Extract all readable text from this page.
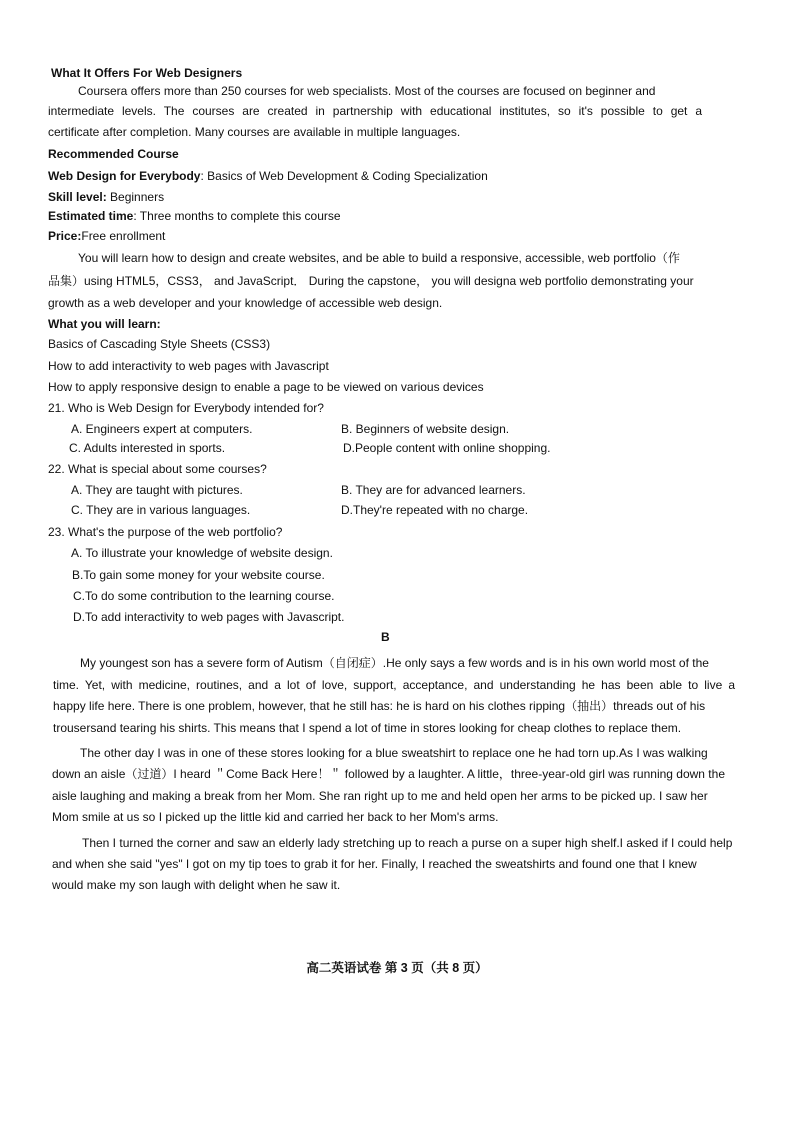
What It Offers For Web Designers
Coursera offers more than 250 courses for web specialists. Most of the courses are focused on beginner and
intermediate levels. The courses are created in partnership with educational institutes, so it's possible to get a
certificate after completion. Many courses are available in multiple languages.
Recommended Course
Web Design for Everybody: Basics of Web Development & Coding Specialization
Skill level: Beginners
Estimated time: Three months to complete this course
Price:Free enrollment
You will learn how to design and create websites, and be able to build a responsive, accessible, web portfolio（作
品集）using HTML5，CSS3， and JavaScript． During the capstone， you will designa web portfolio demonstrating your
growth as a web developer and your knowledge of accessible web design.
What you will learn:
Basics of Cascading Style Sheets (CSS3)
How to add interactivity to web pages with Javascript
How to apply responsive design to enable a page to be viewed on various devices
21. Who is Web Design for Everybody intended for?
A. Engineers expert at computers.	B. Beginners of website design.
C. Adults interested in sports.	D.People content with online shopping.
22. What is special about some courses?
A. They are taught with pictures.	B. They are for advanced learners.
C. They are in various languages.	D.They're repeated with no charge.
23. What's the purpose of the web portfolio?
A. To illustrate your knowledge of website design.
B.To gain some money for your website course.
C.To do some contribution to the learning course.
D.To add interactivity to web pages with Javascript.
B
My youngest son has a severe form of Autism（自闭症）.He only says a few words and is in his own world most of the
time. Yet, with medicine, routines, and a lot of love, support, acceptance, and understanding he has been able to live a
happy life here. There is one problem, however, that he still has: he is hard on his clothes ripping（抽出）threads out of his
trousersand tearing his shirts. This means that I spend a lot of time in stores looking for cheap clothes to replace them.
The other day I was in one of these stores looking for a blue sweatshirt to replace one he had torn up.As I was walking
down an aisle（过道）I heard ＂Come Back Here！＂ followed by a laughter. A little，three-year-old girl was running down the
aisle laughing and making a break from her Mom. She ran right up to me and held open her arms to be picked up. I saw her
Mom smile at us so I picked up the little kid and carried her back to her Mom's arms.
Then I turned the corner and saw an elderly lady stretching up to reach a purse on a super high shelf.I asked if I could help
and when she said "yes" I got on my tip toes to grab it for her. Finally, I reached the sweatshirts and found one that I knew
would make my son laugh with delight when he saw it.
高二英语试卷 第 3 页（共 8 页）
